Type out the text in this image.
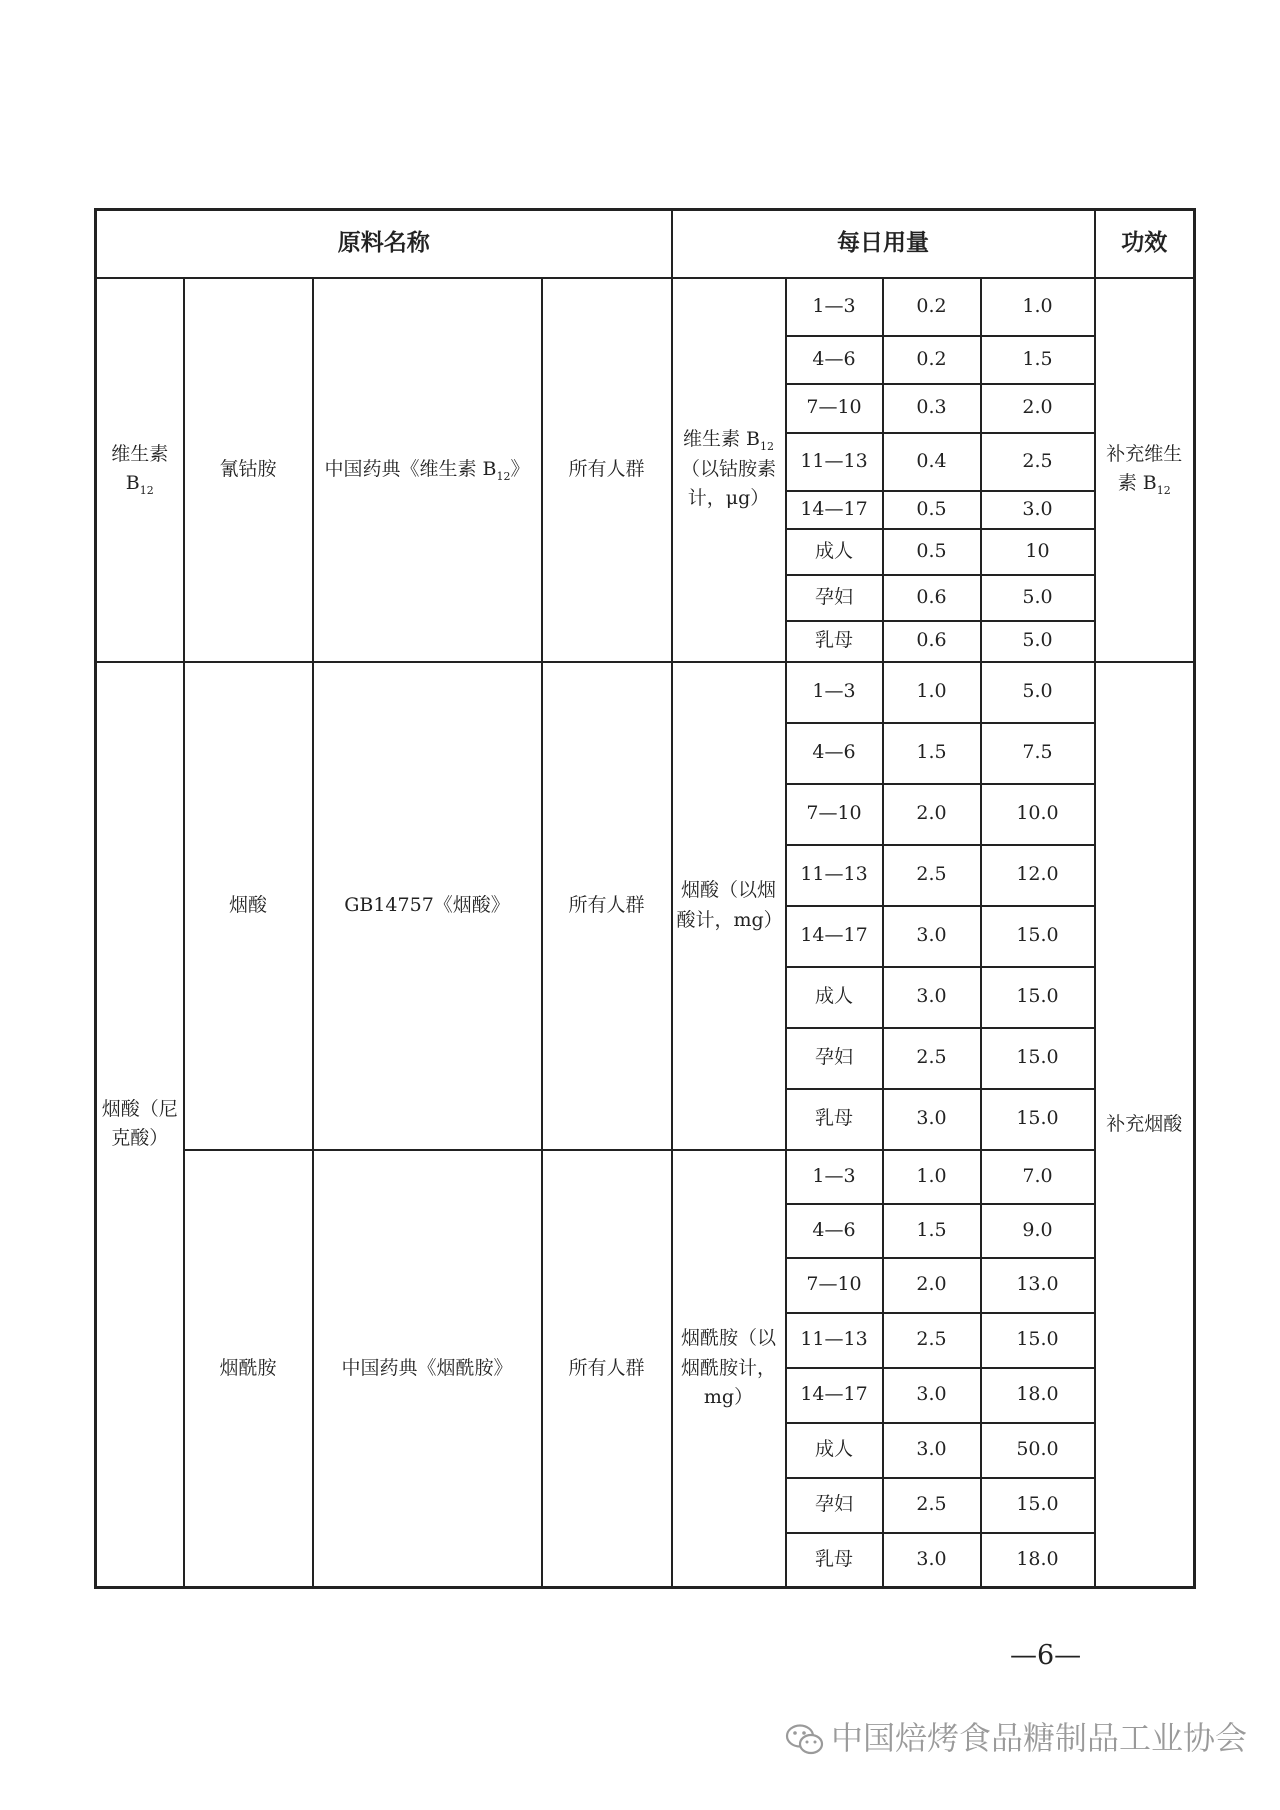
原料名称				每日用量				功效
维生素
$B_{12}$	氰钴胺	中国药典《维生素 $B_{12}$》	所有人群	维生素 $B_{12}$（以钴胺素计，μg）	1—3	0.2	1.0	补充维生素 $B_{12}$
					4—6	0.2	1.5	
					7—10	0.3	2.0	
					11—13	0.4	2.5	
					14—17	0.5	3.0	
					成人	0.5	10	
					孕妇	0.6	5.0	
					乳母	0.6	5.0	
烟酸（尼克酸）	烟酸	GB14757《烟酸》	所有人群	烟酸（以烟酸计，mg）	1—3	1.0	5.0	补充烟酸
					4—6	1.5	7.5	
					7—10	2.0	10.0	
					11—13	2.5	12.0	
					14—17	3.0	15.0	
					成人	3.0	15.0	
					孕妇	2.5	15.0	
					乳母	3.0	15.0	
	烟酰胺	中国药典《烟酰胺》	所有人群	烟酰胺（以烟酰胺计，mg）	1—3	1.0	7.0	
					4—6	1.5	9.0	
					7—10	2.0	13.0	
					11—13	2.5	15.0	
					14—17	3.0	18.0	
					成人	3.0	50.0	
					孕妇	2.5	15.0	
					乳母	3.0	18.0	
—6—
中国焙烤食品糖制品工业协会
